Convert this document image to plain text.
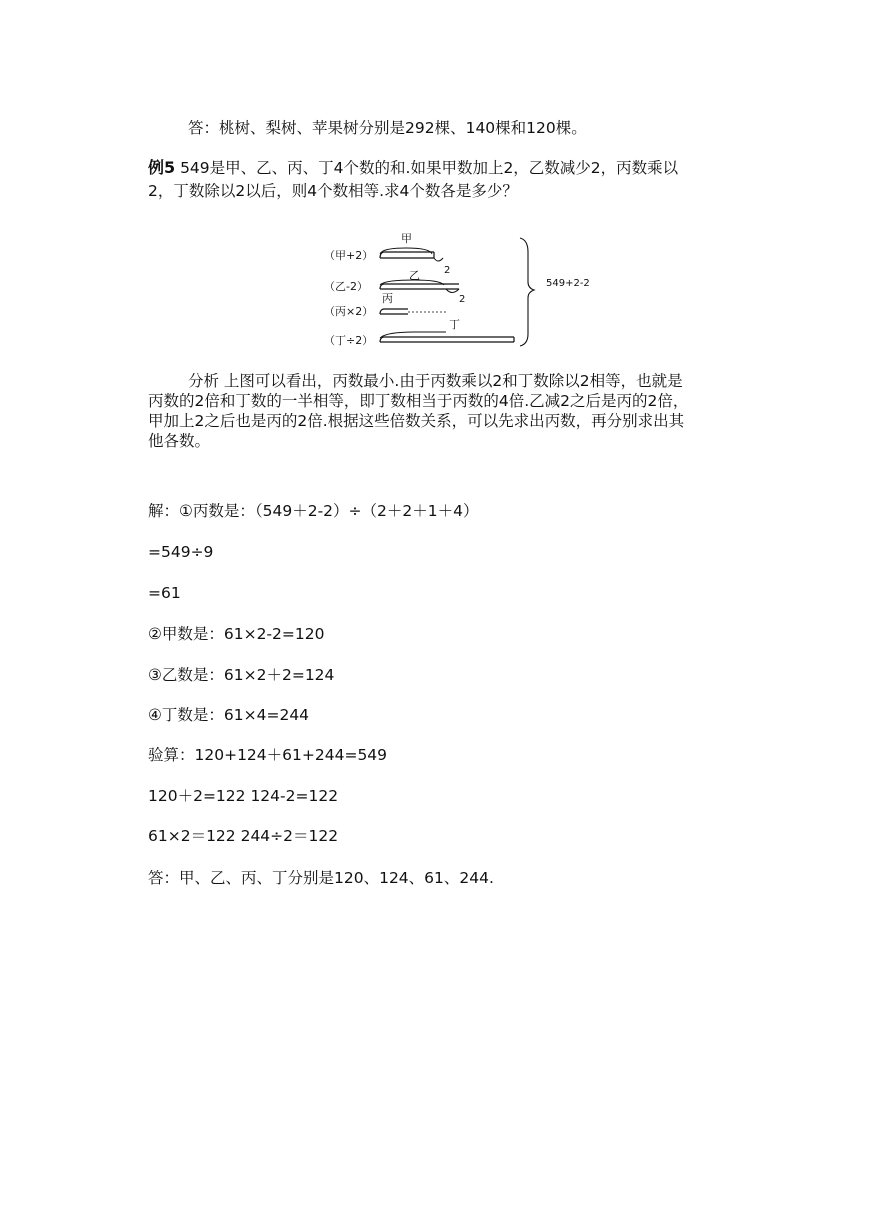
答：桃树、梨树、苹果树分别是292棵、140棵和120棵。
例5 549是甲、乙、丙、丁4个数的和.如果甲数加上2，乙数减少2，丙数乘以
2，丁数除以2以后，则4个数相等.求4个数各是多少？
（甲+2）
甲
2
（乙-2）
乙
2
（丙×2）
丙
（丁÷2）
丁
549+2-2
分析 上图可以看出，丙数最小.由于丙数乘以2和丁数除以2相等，也就是
丙数的2倍和丁数的一半相等，即丁数相当于丙数的4倍.乙减2之后是丙的2倍，
甲加上2之后也是丙的2倍.根据这些倍数关系，可以先求出丙数，再分别求出其
他各数。
解：①丙数是：（549＋2-2）÷（2＋2＋1＋4）
=549÷9
=61
②甲数是：61×2-2=120
③乙数是：61×2＋2=124
④丁数是：61×4=244
验算：120+124＋61+244=549
120＋2=122 124-2=122
61×2＝122 244÷2＝122
答：甲、乙、丙、丁分别是120、124、61、244.
